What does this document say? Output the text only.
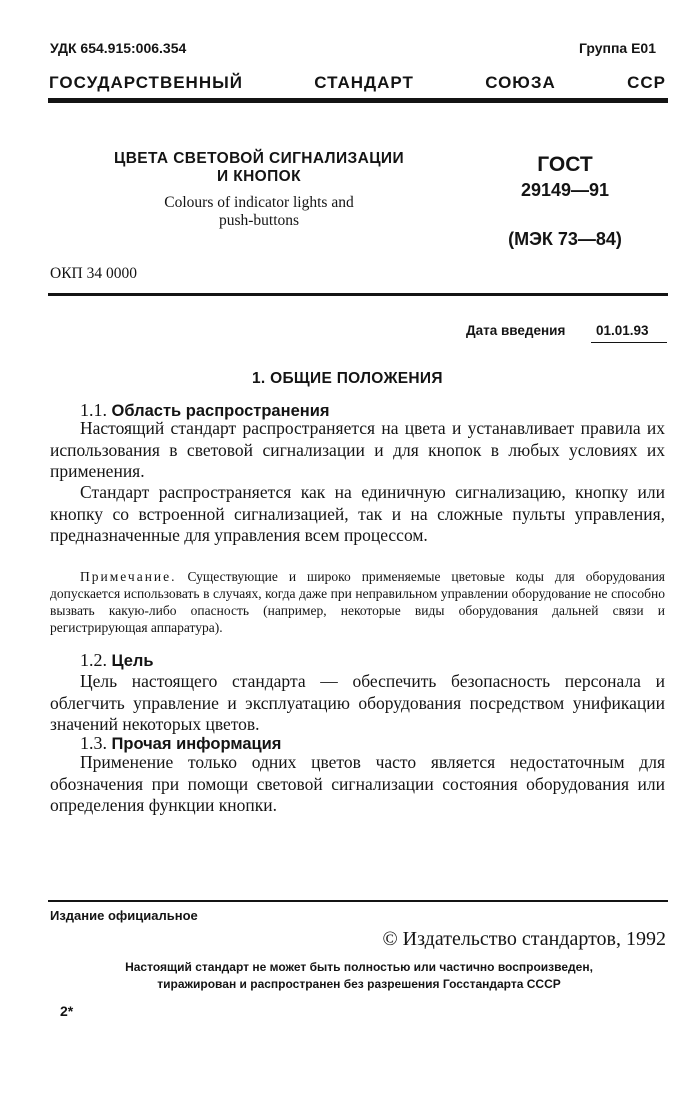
УДК 654.915:006.354	Группа Е01
ГОСУДАРСТВЕННЫЙ СТАНДАРТ СОЮЗА ССР
ЦВЕТА СВЕТОВОЙ СИГНАЛИЗАЦИИ
И КНОПОК
Colours of indicator lights and
push-buttons
ГОСТ
29149—91
(МЭК 73—84)
ОКП 34 0000
Дата введения 01.01.93
1. ОБЩИЕ ПОЛОЖЕНИЯ
1.1. Область распространения

Настоящий стандарт распространяется на цвета и устанавливает правила их использования в световой сигнализации и для кнопок в любых условиях их применения.

Стандарт распространяется как на единичную сигнализацию, кнопку или кнопку со встроенной сигнализацией, так и на сложные пульты управления, предназначенные для управления всем процессом.

Примечание. Существующие и широко применяемые цветовые коды для оборудования допускается использовать в случаях, когда даже при неправильном управлении оборудование не способно вызвать какую-либо опасность (например, некоторые виды оборудования дальней связи и регистрирующая аппаратура).

1.2. Цель

Цель настоящего стандарта — обеспечить безопасность персонала и облегчить управление и эксплуатацию оборудования посредством унификации значений некоторых цветов.

1.3. Прочая информация

Применение только одних цветов часто является недостаточным для обозначения при помощи световой сигнализации состояния оборудования или определения функции кнопки.

Издание официальное
© Издательство стандартов, 1992
Настоящий стандарт не может быть полностью или частично воспроизведен,
тиражирован и распространен без разрешения Госстандарта СССР
2*
